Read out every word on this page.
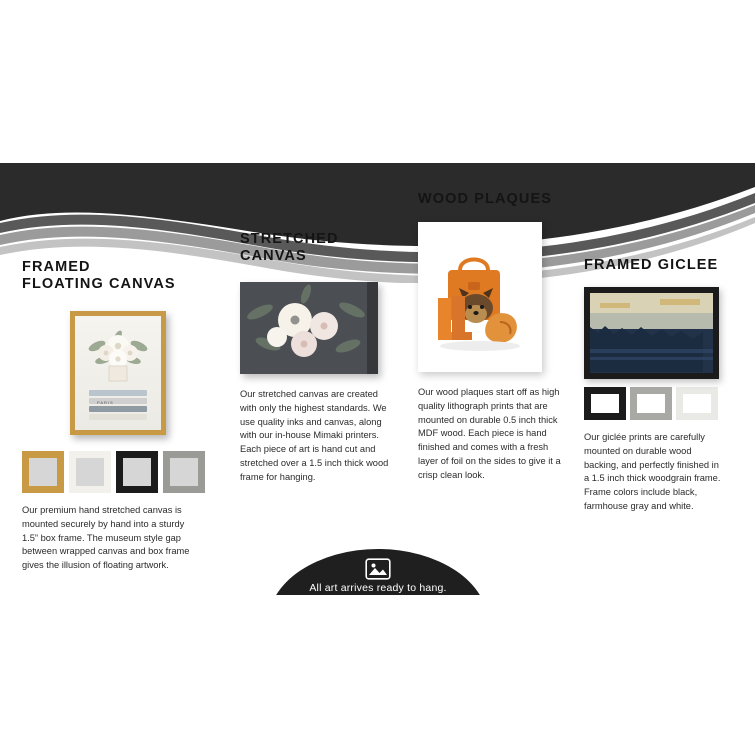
FRAMED
FLOATING CANVAS
PARIS
Our premium hand stretched canvas is mounted securely by hand into a sturdy 1.5” box frame. The museum style gap between wrapped canvas and box frame gives the illusion of floating artwork.
STRETCHED
CANVAS
Our stretched canvas are created with only the highest standards. We use quality inks and canvas, along with our in-house Mimaki printers. Each piece of art is hand cut and stretched over a 1.5 inch thick wood frame for hanging.
WOOD PLAQUES
Our wood plaques start off as high quality lithograph prints that are mounted on durable 0.5 inch thick MDF wood. Each piece is hand finished and comes with a fresh layer of foil on the sides to give it a crisp clean look.
FRAMED GICLEE
Our giclée prints are carefully mounted on durable wood backing, and perfectly finished in a 1.5 inch thick woodgrain frame. Frame colors include black, farmhouse gray and white.
All art arrives ready to hang.
